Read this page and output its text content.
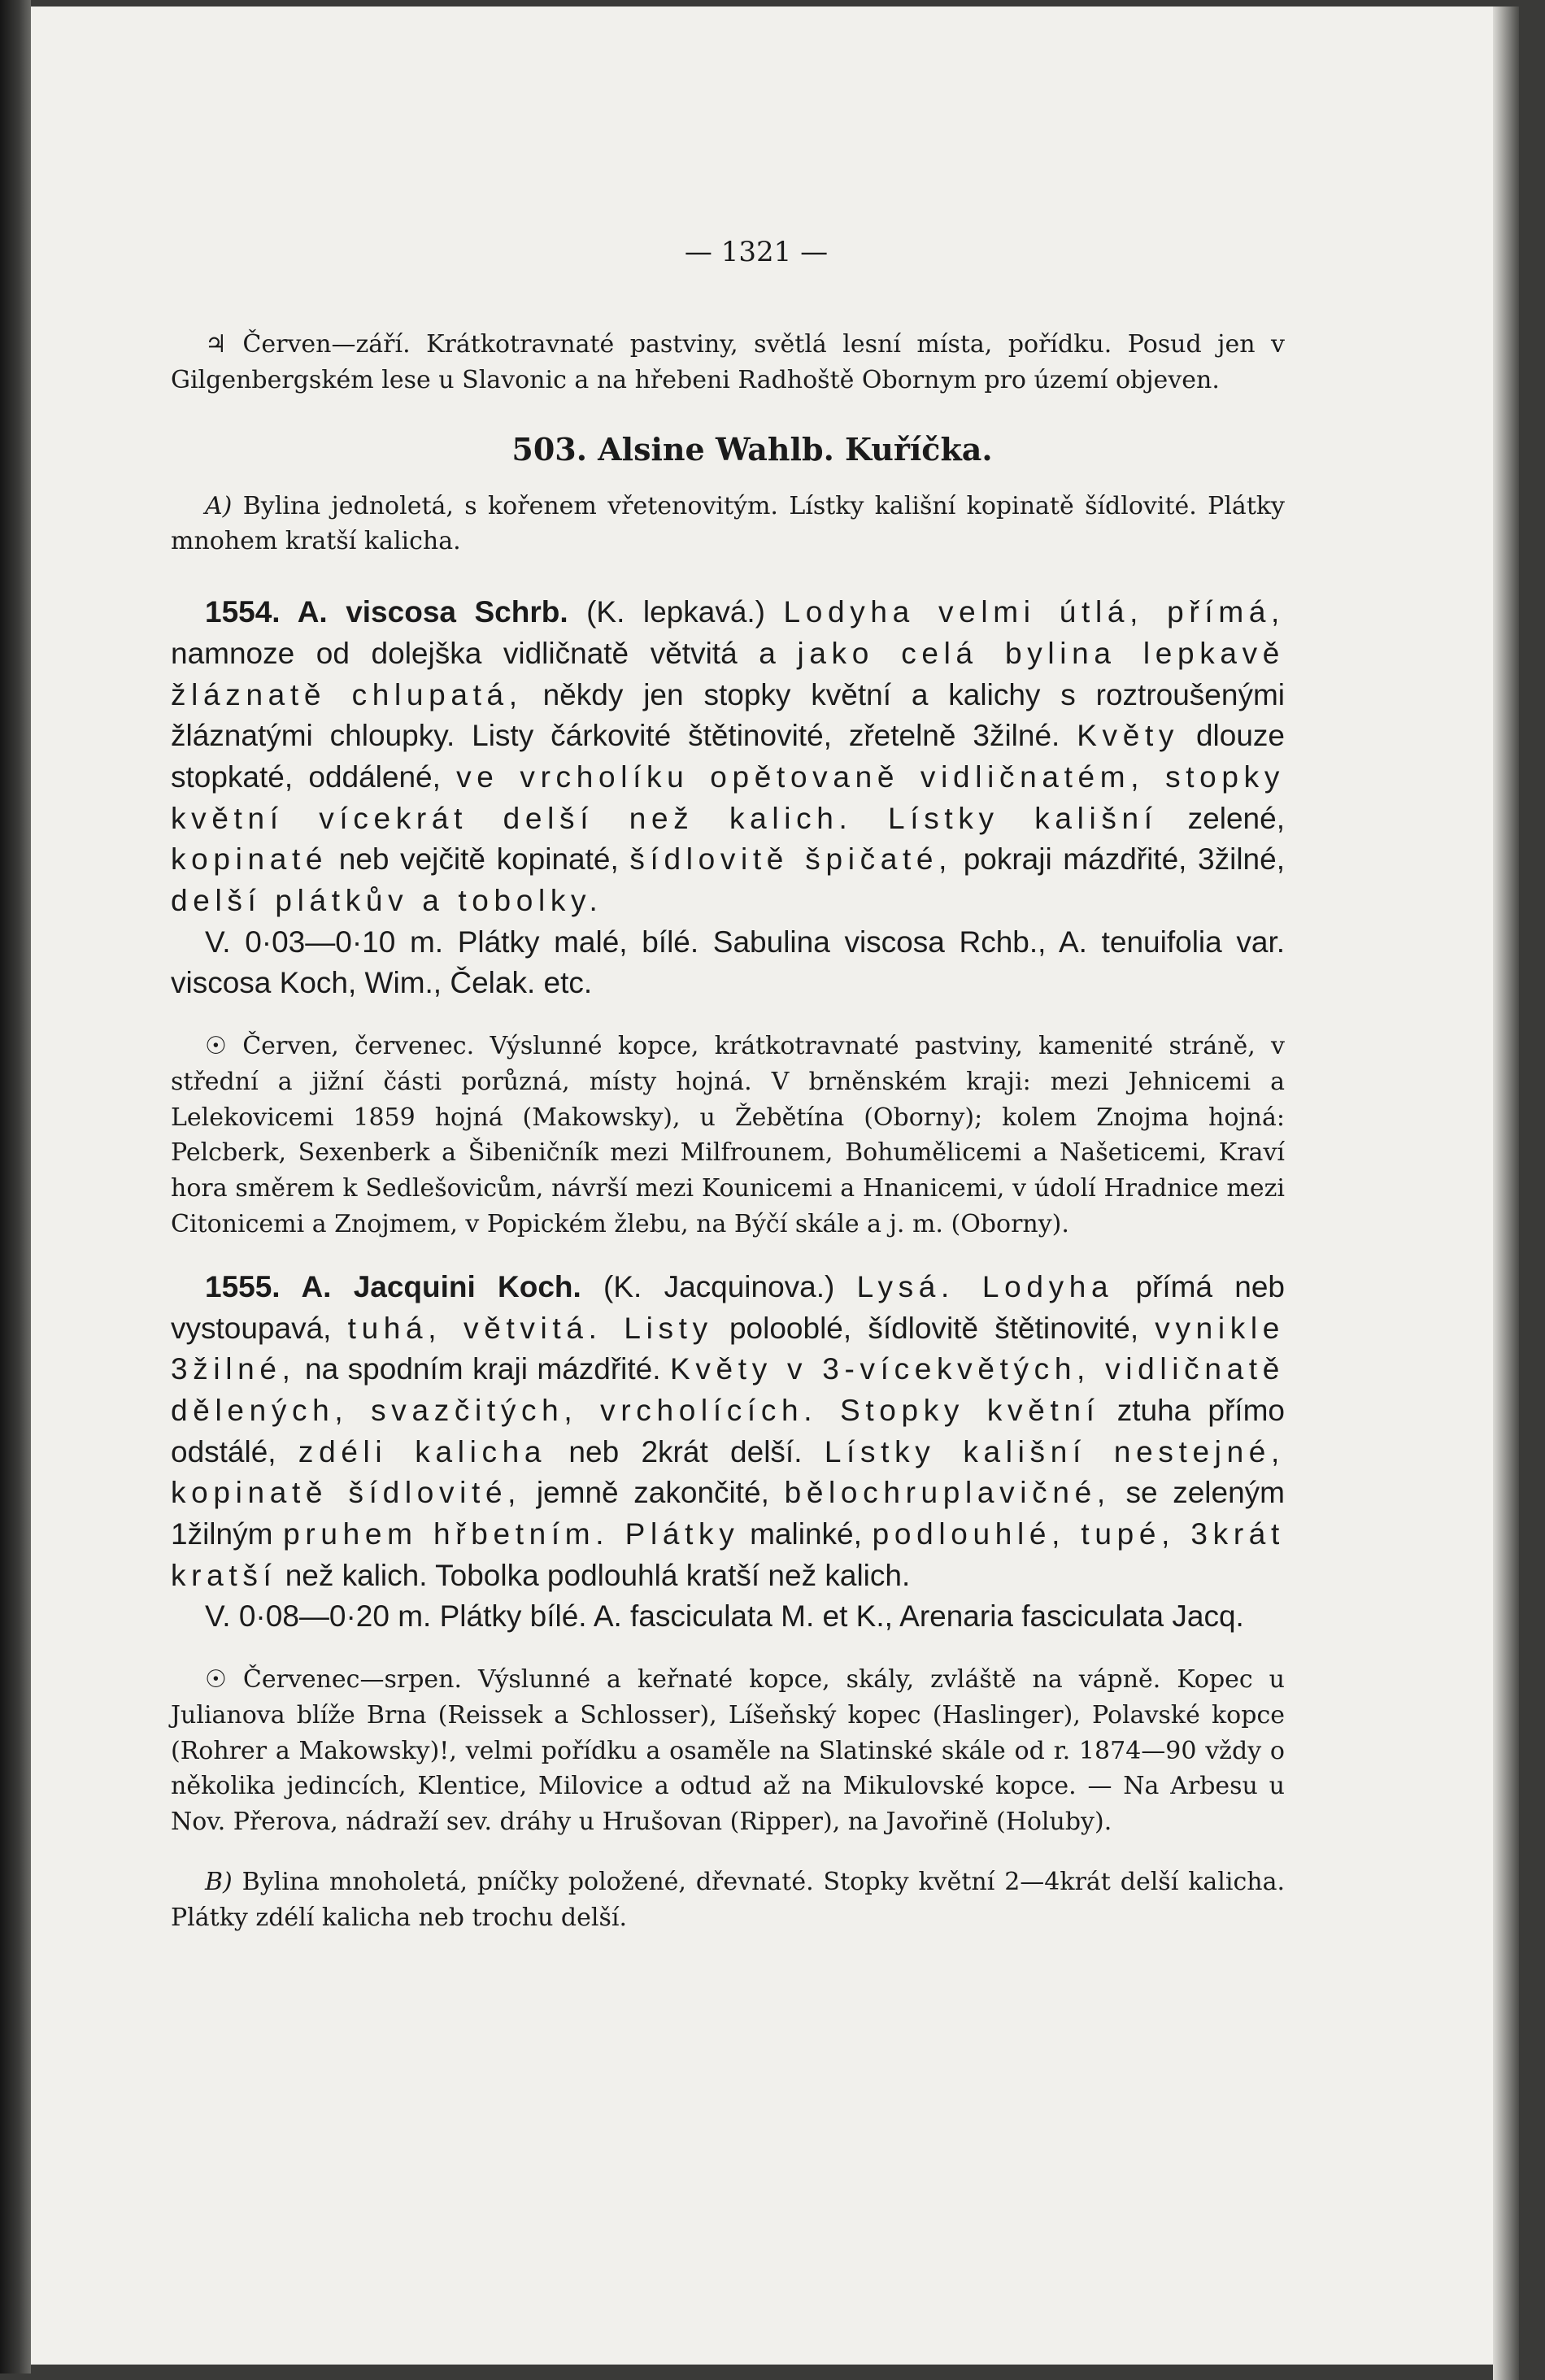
— 1321 —

♃ Červen—září. Krátkotravnaté pastviny, světlá lesní místa, pořídku. Posud jen v Gilgenbergském lese u Slavonic a na hřebeni Radhoště Obornym pro území objeven.

503. Alsine Wahlb. Kuříčka.

A) Bylina jednoletá, s kořenem vřetenovitým. Lístky kališní kopinatě šídlovité. Plátky mnohem kratší kalicha.

1554. A. viscosa Schrb. (K. lepkavá.) Lodyha velmi útlá, přímá, namnoze od dolejška vidličnatě větvitá a jako celá bylina lepkavě žláznatě chlupatá, někdy jen stopky květní a kalichy s roztroušenými žláznatými chloupky. Listy čárkovité štětinovité, zřetelně 3žilné. Květy dlouze stopkaté, oddálené, ve vrcholíku opětovaně vidličnatém, stopky květní vícekrát delší než kalich. Lístky kališní zelené, kopinaté neb vejčitě kopinaté, šídlovitě špičaté, pokraji mázdřité, 3žilné, delší plátkův a tobolky.

V. 0·03—0·10 m. Plátky malé, bílé. Sabulina viscosa Rchb., A. tenuifolia var. viscosa Koch, Wim., Čelak. etc.

☉ Červen, červenec. Výslunné kopce, krátkotravnaté pastviny, kamenité stráně, v střední a jižní části porůzná, místy hojná. V brněnském kraji: mezi Jehnicemi a Lelekovicemi 1859 hojná (Makowsky), u Žebětína (Oborny); kolem Znojma hojná: Pelcberk, Sexenberk a Šibeničník mezi Milfrounem, Bohumělicemi a Našeticemi, Kraví hora směrem k Sedlešovicům, návrší mezi Kounicemi a Hnanicemi, v údolí Hradnice mezi Citonicemi a Znojmem, v Popickém žlebu, na Býčí skále a j. m. (Oborny).

1555. A. Jacquini Koch. (K. Jacquinova.) Lysá. Lodyha přímá neb vystoupavá, tuhá, větvitá. Listy polooblé, šídlovitě štětinovité, vynikle 3žilné, na spodním kraji mázdřité. Květy v 3-vícekvětých, vidličnatě dělených, svazčitých, vrcholících. Stopky květní ztuha přímo odstálé, zdéli kalicha neb 2krát delší. Lístky kališní nestejné, kopinatě šídlovité, jemně zakončité, bělochruplavičné, se zeleným 1žilným pruhem hřbetním. Plátky malinké, podlouhlé, tupé, 3krát kratší než kalich. Tobolka podlouhlá kratší než kalich.

V. 0·08—0·20 m. Plátky bílé. A. fasciculata M. et K., Arenaria fasciculata Jacq.

☉ Červenec—srpen. Výslunné a keřnaté kopce, skály, zvláště na vápně. Kopec u Julianova blíže Brna (Reissek a Schlosser), Líšeňský kopec (Haslinger), Polavské kopce (Rohrer a Makowsky)!, velmi pořídku a osaměle na Slatinské skále od r. 1874—90 vždy o několika jedincích, Klentice, Milovice a odtud až na Mikulovské kopce. — Na Arbesu u Nov. Přerova, nádraží sev. dráhy u Hrušovan (Ripper), na Javořině (Holuby).

B) Bylina mnoholetá, pníčky položené, dřevnaté. Stopky květní 2—4krát delší kalicha. Plátky zdélí kalicha neb trochu delší.
